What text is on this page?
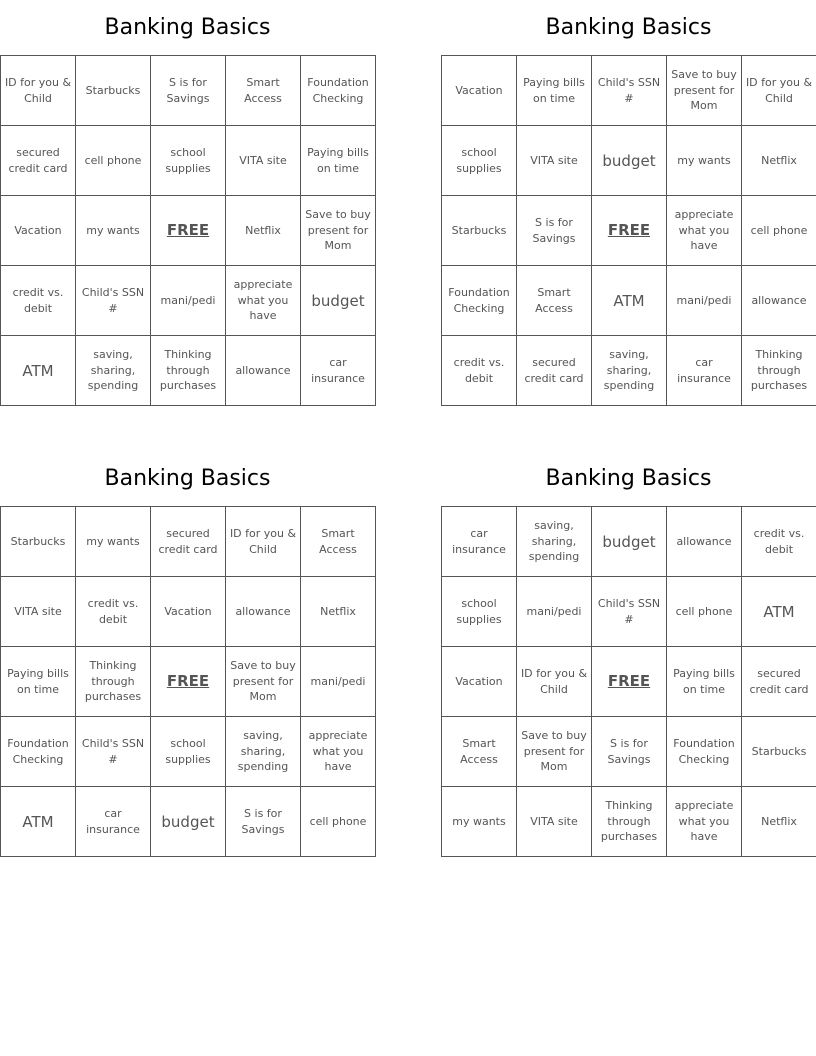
Banking Basics
ID for you & Child	Starbucks	S is for Savings	Smart Access	Foundation Checking
secured credit card	cell phone	school supplies	VITA site	Paying bills on time
Vacation	my wants	FREE	Netflix	Save to buy present for Mom
credit vs. debit	Child's SSN #	mani/pedi	appreciate what you have	budget
ATM	saving, sharing, spending	Thinking through purchases	allowance	car insurance
Banking Basics
Vacation	Paying bills on time	Child's SSN #	Save to buy present for Mom	ID for you & Child
school supplies	VITA site	budget	my wants	Netflix
Starbucks	S is for Savings	FREE	appreciate what you have	cell phone
Foundation Checking	Smart Access	ATM	mani/pedi	allowance
credit vs. debit	secured credit card	saving, sharing, spending	car insurance	Thinking through purchases
Banking Basics
Starbucks	my wants	secured credit card	ID for you & Child	Smart Access
VITA site	credit vs. debit	Vacation	allowance	Netflix
Paying bills on time	Thinking through purchases	FREE	Save to buy present for Mom	mani/pedi
Foundation Checking	Child's SSN #	school supplies	saving, sharing, spending	appreciate what you have
ATM	car insurance	budget	S is for Savings	cell phone
Banking Basics
car insurance	saving, sharing, spending	budget	allowance	credit vs. debit
school supplies	mani/pedi	Child's SSN #	cell phone	ATM
Vacation	ID for you & Child	FREE	Paying bills on time	secured credit card
Smart Access	Save to buy present for Mom	S is for Savings	Foundation Checking	Starbucks
my wants	VITA site	Thinking through purchases	appreciate what you have	Netflix
